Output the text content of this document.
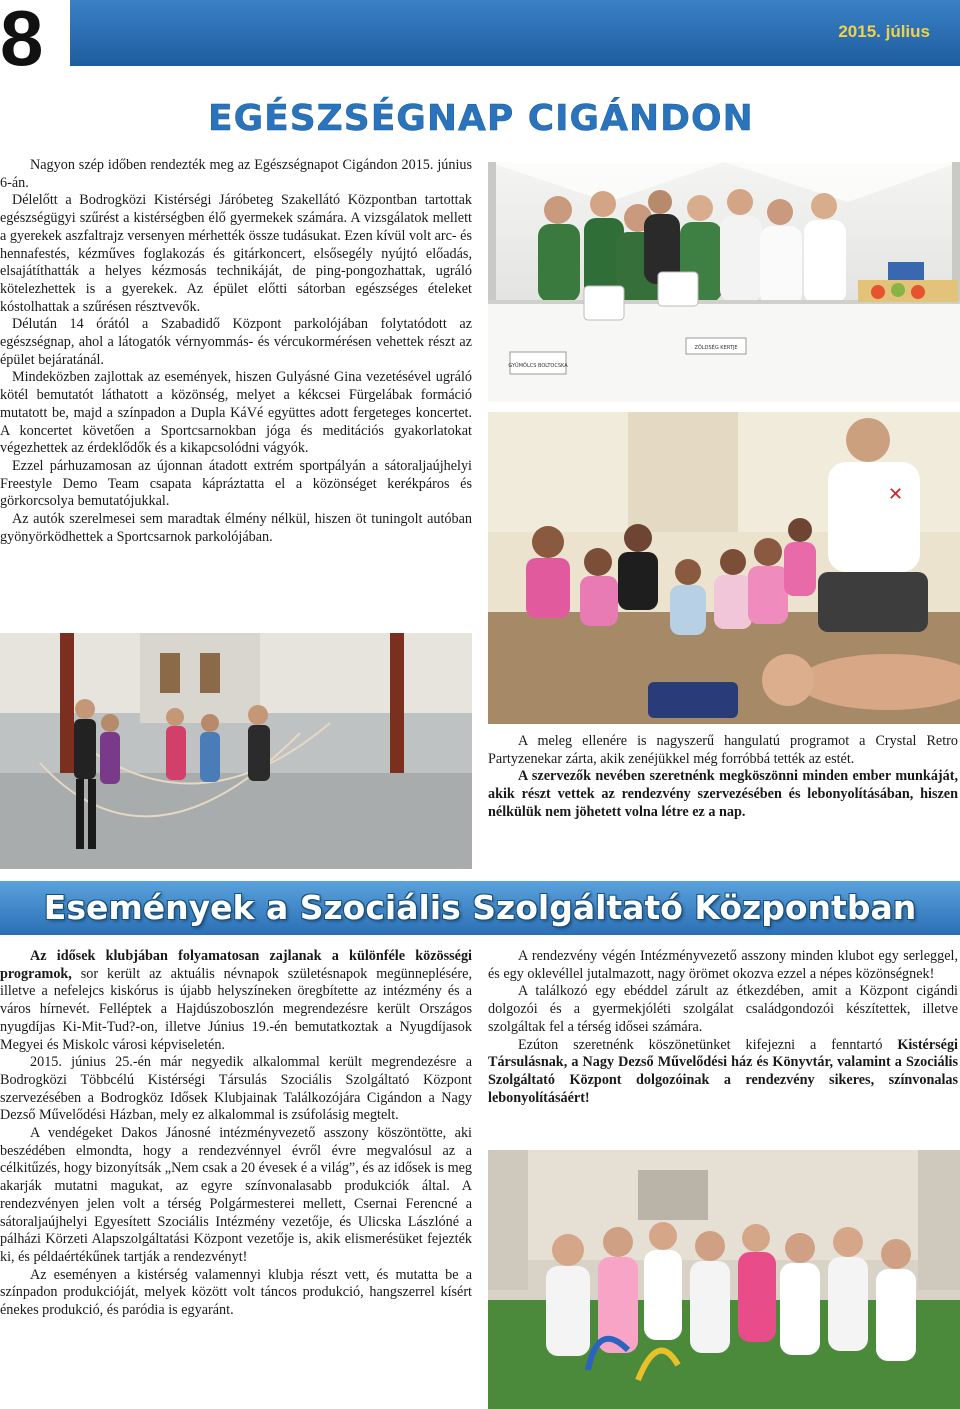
8	2015. július
EGÉSZSÉGNAP CIGÁNDON

Nagyon szép időben rendezték meg az Egészségnapot Cigándon 2015. június 6-án.

Délelőtt a Bodrogközi Kistérségi Járóbeteg Szakellátó Központban tartottak egészségügyi szűrést a kistérségben élő gyermekek számára. A vizsgálatok mellett a gyerekek aszfaltrajz versenyen mérhették össze tudásukat. Ezen kívül volt arc- és hennafestés, kézműves foglakozás és gitárkoncert, elsősegély nyújtó előadás, elsajátíthatták a helyes kézmosás technikáját, de ping-pongozhattak, ugráló kötelezhettek is a gyerekek. Az épület előtti sátorban egészséges ételeket kóstolhattak a szűrésen résztvevők.

Délután 14 órától a Szabadidő Központ parkolójában folytatódott az egészségnap, ahol a látogatók vérnyommás- és vércukormérésen vehettek részt az épület bejáratánál.

Mindeközben zajlottak az események, hiszen Gulyásné Gina vezetésével ugráló kötél bemutatót láthatott a közönség, melyet a kékcsei Fürgelábak formáció mutatott be, majd a színpadon a Dupla KáVé együttes adott fergeteges koncertet. A koncertet követően a Sportcsarnokban jóga és meditációs gyakorlatokat végezhettek az érdeklődők és a kikapcsolódni vágyók.

Ezzel párhuzamosan az újonnan átadott extrém sportpályán a sátoraljaújhelyi Freestyle Demo Team csapata kápráztatta el a közönséget kerékpáros és görkorcsolya bemutatójukkal.

Az autók szerelmesei sem maradtak élmény nélkül, hiszen öt tuningolt autóban gyönyörködhettek a Sportcsarnok parkolójában.

GYÜMÖLCS BOLTOCSKA
ZÖLDSÉG KERTJE
✕

A meleg ellenére is nagyszerű hangulatú programot a Crystal Retro Partyzenekar zárta, akik zenéjükkel még forróbbá tették az estét.

A szervezők nevében szeretnénk megköszönni minden ember munkáját, akik részt vettek az rendezvény szervezésében és lebonyolításában, hiszen nélkülük nem jöhetett volna létre ez a nap.

Események a Szociális Szolgáltató Központban

Az idősek klubjában folyamatosan zajlanak a különféle közösségi programok, sor került az aktuális névnapok születésnapok megünneplésére, illetve a nefelejcs kiskórus is újabb helyszíneken öregbítette az intézmény és a város hírnevét. Felléptek a Hajdúszoboszlón megrendezésre került Országos nyugdíjas Ki-Mit-Tud?-on, illetve Június 19.-én bemutatkoztak a Nyugdíjasok Megyei és Miskolc városi képviseletén.

2015. június 25.-én már negyedik alkalommal került megrendezésre a Bodrogközi Többcélú Kistérségi Társulás Szociális Szolgáltató Központ szervezésében a Bodrogköz Idősek Klubjainak Találkozójára Cigándon a Nagy Dezső Művelődési Házban, mely ez alkalommal is zsúfolásig megtelt.

A vendégeket Dakos Jánosné intézményvezető asszony köszöntötte, aki beszédében elmondta, hogy a rendezvénnyel évről évre megvalósul az a célkitűzés, hogy bizonyítsák „Nem csak a 20 évesek é a világ”, és az idősek is meg akarják mutatni magukat, az egyre színvonalasabb produkciók által. A rendezvényen jelen volt a térség Polgármesterei mellett, Csernai Ferencné a sátoraljaújhelyi Egyesített Szociális Intézmény vezetője, és Ulicska Lászlóné a pálházi Körzeti Alapszolgáltatási Központ vezetője is, akik elismerésüket fejezték ki, és példaértékűnek tartják a rendezvényt!

Az eseményen a kistérség valamennyi klubja részt vett, és mutatta be a színpadon produkcióját, melyek között volt táncos produkció, hangszerrel kísért énekes produkció, és paródia is egyaránt.

A rendezvény végén Intézményvezető asszony minden klubot egy serleggel, és egy oklevéllel jutalmazott, nagy örömet okozva ezzel a népes közönségnek!

A találkozó egy ebéddel zárult az étkezdében, amit a Központ cigándi dolgozói és a gyermekjóléti szolgálat családgondozói készítettek, illetve szolgáltak fel a térség idősei számára.

Ezúton szeretnénk köszönetünket kifejezni a fenntartó Kistérségi Társulásnak, a Nagy Dezső Művelődési ház és Könyvtár, valamint a Szociális Szolgáltató Központ dolgozóinak a rendezvény sikeres, színvonalas lebonyolításáért!
